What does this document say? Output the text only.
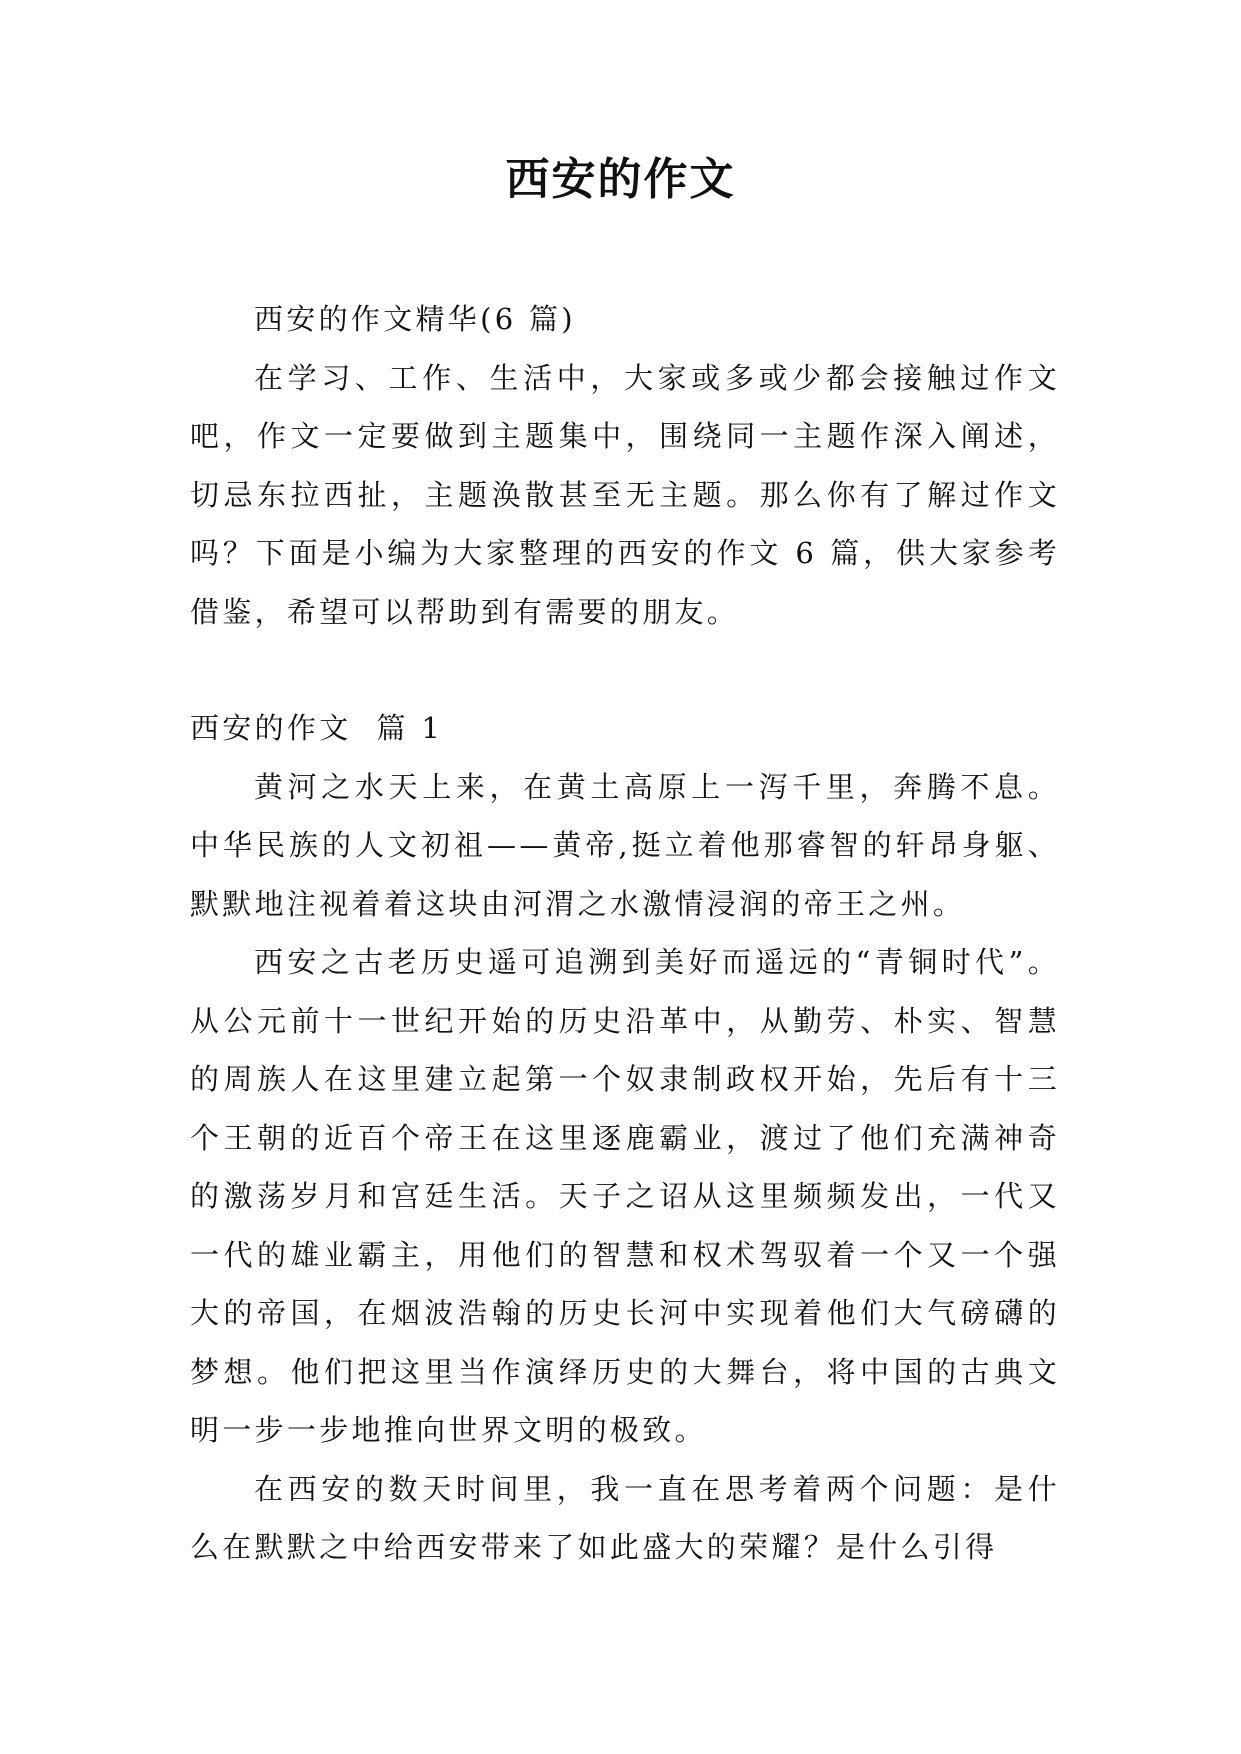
西安的作文

西安的作文精华(6 篇)

在学习、工作、生活中，大家或多或少都会接触过作文吧，作文一定要做到主题集中，围绕同一主题作深入阐述，切忌东拉西扯，主题涣散甚至无主题。那么你有了解过作文吗？下面是小编为大家整理的西安的作文 6 篇，供大家参考借鉴，希望可以帮助到有需要的朋友。

西安的作文  篇 1

黄河之水天上来，在黄土高原上一泻千里，奔腾不息。中华民族的人文初祖——黄帝,挺立着他那睿智的轩昂身躯、默默地注视着着这块由河渭之水激情浸润的帝王之州。

西安之古老历史遥可追溯到美好而遥远的“青铜时代”。从公元前十一世纪开始的历史沿革中，从勤劳、朴实、智慧的周族人在这里建立起第一个奴隶制政权开始，先后有十三个王朝的近百个帝王在这里逐鹿霸业，渡过了他们充满神奇的激荡岁月和宫廷生活。天子之诏从这里频频发出，一代又一代的雄业霸主，用他们的智慧和权术驾驭着一个又一个强大的帝国，在烟波浩翰的历史长河中实现着他们大气磅礴的梦想。他们把这里当作演绎历史的大舞台，将中国的古典文明一步一步地推向世界文明的极致。

在西安的数天时间里，我一直在思考着两个问题：是什么在默默之中给西安带来了如此盛大的荣耀？是什么引得
